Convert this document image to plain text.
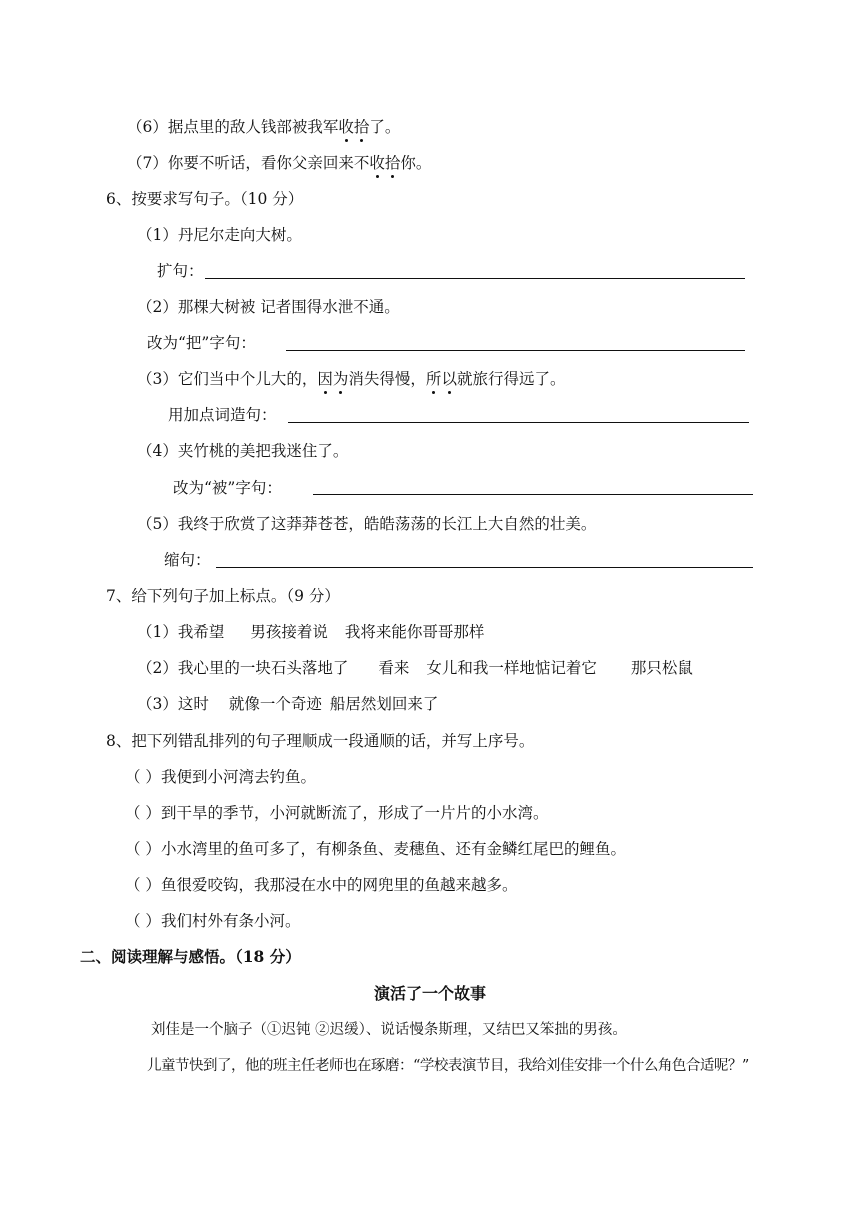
（6）据点里的敌人钱部被我军收拾了。
（7）你要不听话，看你父亲回来不收拾你。
6、按要求写句子。（10 分）
（1）丹尼尔走向大树。
扩句：
（2）那棵大树被 记者围得水泄不通。
改为“把”字句：
（3）它们当中个儿大的，因为消失得慢，所以就旅行得远了。
用加点词造句：
（4）夹竹桃的美把我迷住了。
改为“被”字句：
（5）我终于欣赏了这莽莽苍苍，皓皓荡荡的长江上大自然的壮美。
缩句：
7、给下列句子加上标点。（9 分）
（1）我希望 男孩接着说 我将来能你哥哥那样
（2）我心里的一块石头落地了 看来 女儿和我一样地惦记着它 那只松鼠
（3）这时 就像一个奇迹 船居然划回来了
8、把下列错乱排列的句子理顺成一段通顺的话，并写上序号。
（ ）我便到小河湾去钓鱼。
（ ）到干旱的季节，小河就断流了，形成了一片片的小水湾。
（ ）小水湾里的鱼可多了，有柳条鱼、麦穗鱼、还有金鳞红尾巴的鲤鱼。
（ ）鱼很爱咬钩，我那浸在水中的网兜里的鱼越来越多。
（ ）我们村外有条小河。
二、阅读理解与感悟。（18 分）
演活了一个故事
刘佳是一个脑子（①迟钝 ②迟缓）、说话慢条斯理，又结巴又笨拙的男孩。
儿童节快到了，他的班主任老师也在琢磨：“学校表演节目，我给刘佳安排一个什么角色合适呢？”
